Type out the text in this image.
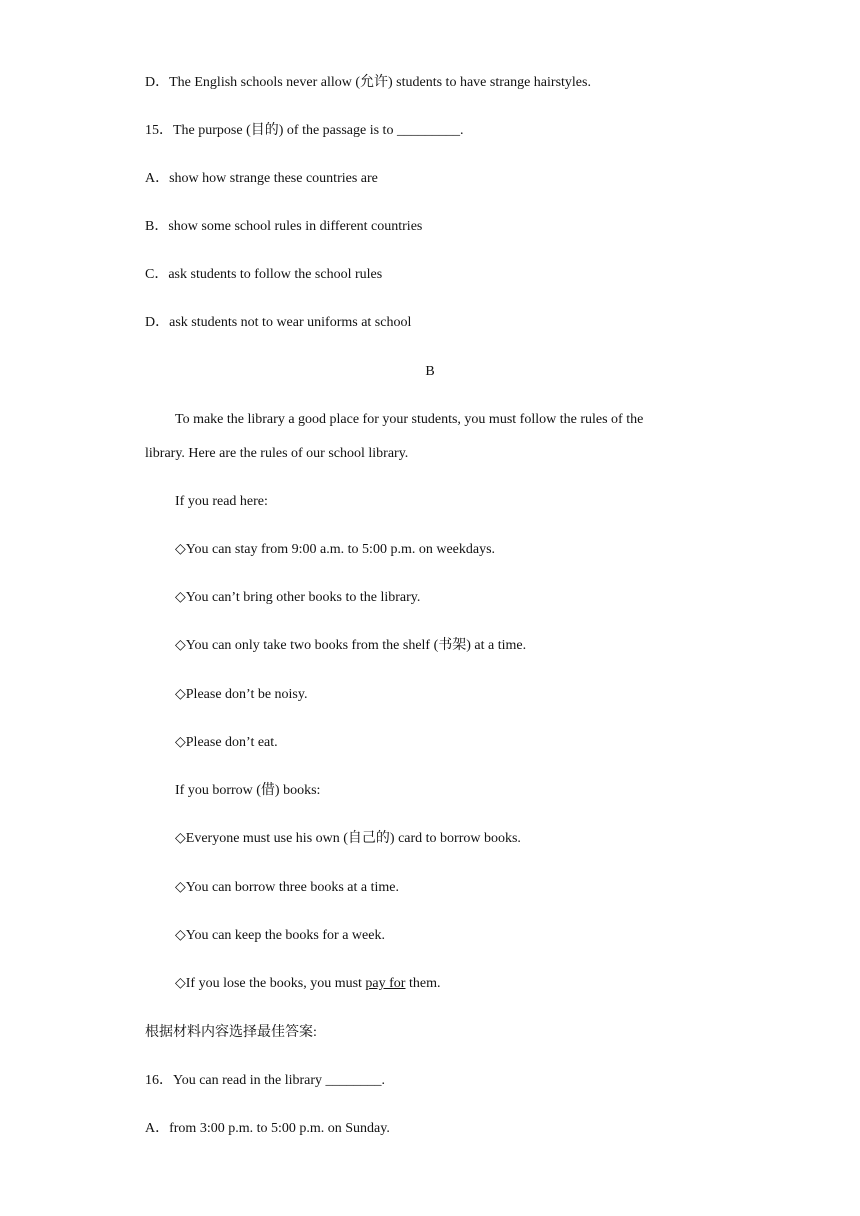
D．The English schools never allow (允许) students to have strange hairstyles.
15．The purpose (目的) of the passage is to _________.
A．show how strange these countries are
B．show some school rules in different countries
C．ask students to follow the school rules
D．ask students not to wear uniforms at school
B
To make the library a good place for your students, you must follow the rules of the
library. Here are the rules of our school library.
If you read here:
◇You can stay from 9:00 a.m. to 5:00 p.m. on weekdays.
◇You can’t bring other books to the library.
◇You can only take two books from the shelf (书架) at a time.
◇Please don’t be noisy.
◇Please don’t eat.
If you borrow (借) books:
◇Everyone must use his own (自己的) card to borrow books.
◇You can borrow three books at a time.
◇You can keep the books for a week.
◇If you lose the books, you must pay for them.
根据材料内容选择最佳答案:
16．You can read in the library ________.
A．from 3:00 p.m. to 5:00 p.m. on Sunday.
